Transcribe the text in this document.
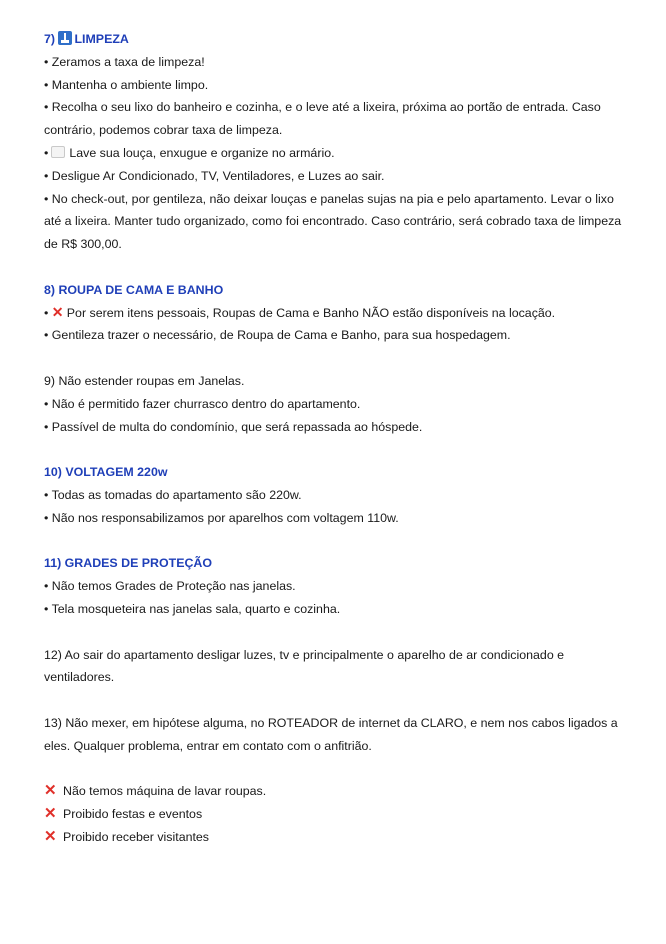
7) LIMPEZA

• Zeramos a taxa de limpeza!

• Mantenha o ambiente limpo.

• Recolha o seu lixo do banheiro e cozinha, e o leve até a lixeira, próxima ao portão de entrada. Caso

contrário, podemos cobrar taxa de limpeza.

• Lave sua louça, enxugue e organize no armário.

• Desligue Ar Condicionado, TV, Ventiladores, e Luzes ao sair.

• No check-out, por gentileza, não deixar louças e panelas sujas na pia e pelo apartamento. Levar o lixo

até a lixeira. Manter tudo organizado, como foi encontrado. Caso contrário, será cobrado taxa de limpeza

de R$ 300,00.

8) ROUPA DE CAMA E BANHO

• ✕ Por serem itens pessoais, Roupas de Cama e Banho NÃO estão disponíveis na locação.

• Gentileza trazer o necessário, de Roupa de Cama e Banho, para sua hospedagem.

9) Não estender roupas em Janelas.

• Não é permitido fazer churrasco dentro do apartamento.

• Passível de multa do condomínio, que será repassada ao hóspede.

10) VOLTAGEM 220w

• Todas as tomadas do apartamento são 220w.

• Não nos responsabilizamos por aparelhos com voltagem 110w.

11) GRADES DE PROTEÇÃO

• Não temos Grades de Proteção nas janelas.

• Tela mosqueteira nas janelas sala, quarto e cozinha.

12) Ao sair do apartamento desligar luzes, tv e principalmente o aparelho de ar condicionado e

ventiladores.

13) Não mexer, em hipótese alguma, no ROTEADOR de internet da CLARO, e nem nos cabos ligados a

eles. Qualquer problema, entrar em contato com o anfitrião.

✕ Não temos máquina de lavar roupas.

✕ Proibido festas e eventos

✕ Proibido receber visitantes
